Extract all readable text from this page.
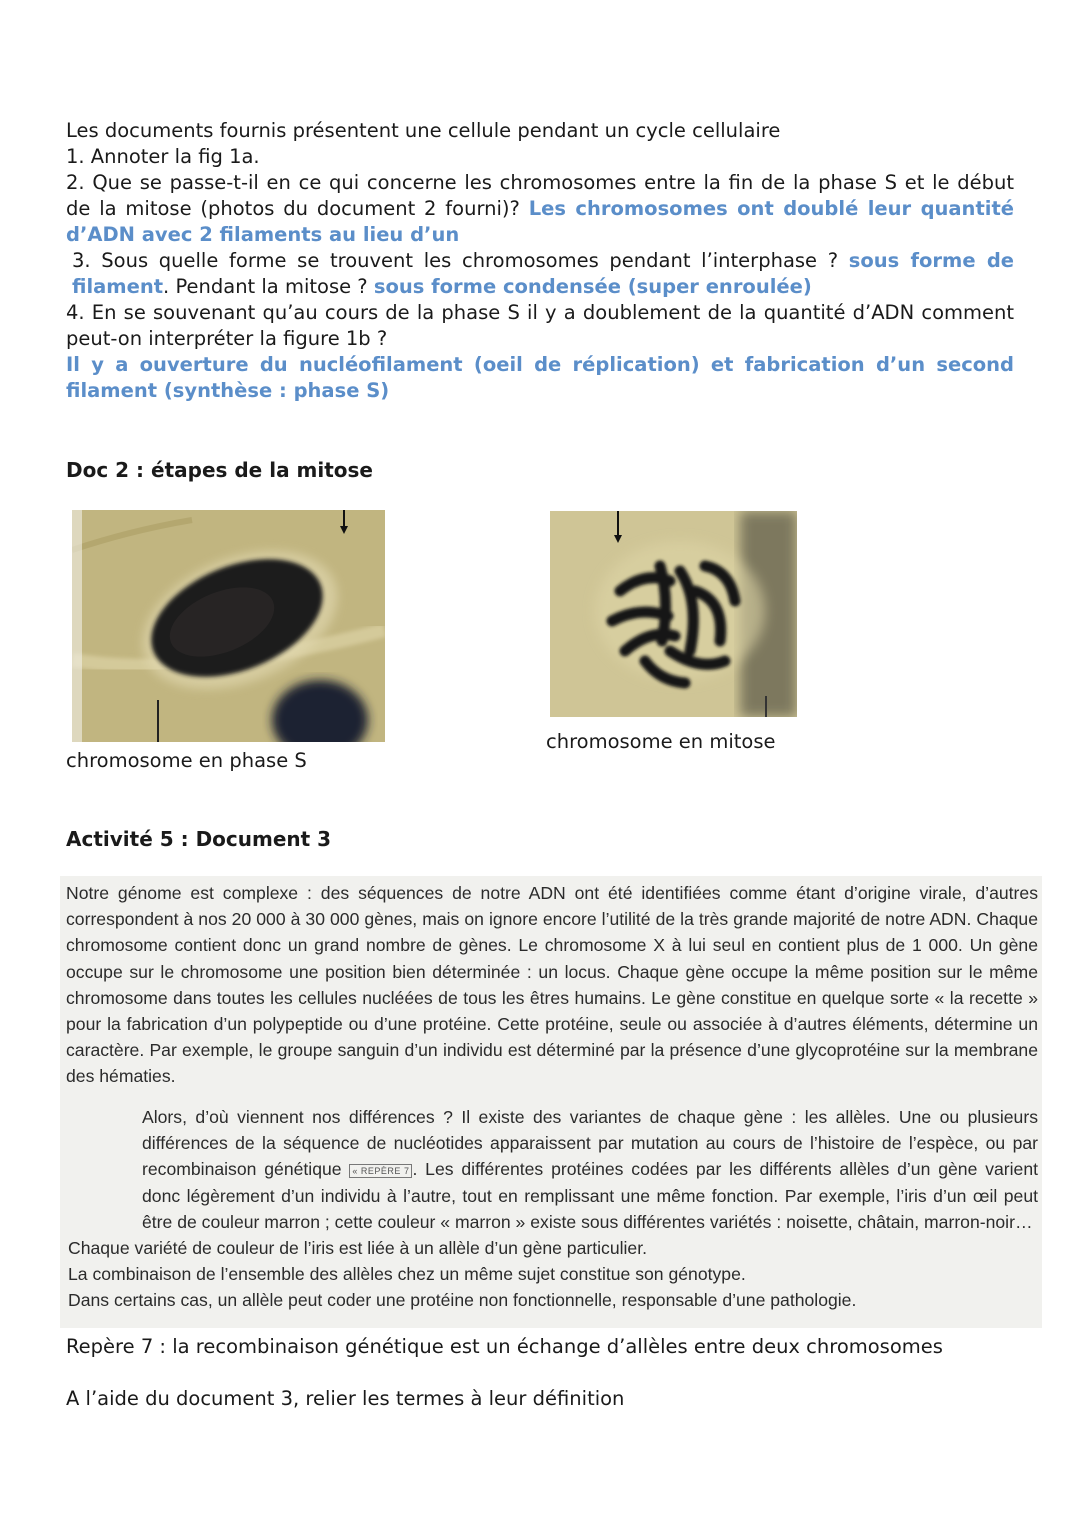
Les documents fournis présentent une cellule pendant un cycle cellulaire
1. Annoter la fig 1a.
2. Que se passe-t-il en ce qui concerne les chromosomes entre la fin de la phase S et le début de la mitose (photos du document 2 fourni)? Les chromosomes ont doublé leur quantité d’ADN avec 2 filaments au lieu d’un
3. Sous quelle forme se trouvent les chromosomes pendant l’interphase ? sous forme de filament. Pendant la mitose ? sous forme condensée (super enroulée)
4. En se souvenant qu’au cours de la phase S il y a doublement de la quantité d’ADN comment peut-on interpréter la figure 1b ?
Il y a ouverture du nucléofilament (oeil de réplication) et fabrication d’un second filament (synthèse : phase S)
Doc 2 : étapes de la mitose
chromosome en phase S
chromosome en mitose
Activité 5 : Document 3
Notre génome est complexe : des séquences de notre ADN ont été identifiées comme étant d’origine virale, d’autres correspondent à nos 20 000 à 30 000 gènes, mais on ignore encore l’utilité de la très grande majorité de notre ADN. Chaque chromosome contient donc un grand nombre de gènes. Le chromosome X à lui seul en contient plus de 1 000. Un gène occupe sur le chromosome une position bien déterminée : un locus. Chaque gène occupe la même position sur le même chromosome dans toutes les cellules nucléées de tous les êtres humains. Le gène constitue en quelque sorte « la recette » pour la fabrication d’un polypeptide ou d’une protéine. Cette protéine, seule ou associée à d’autres éléments, détermine un caractère. Par exemple, le groupe sanguin d’un individu est déterminé par la présence d’une glycoprotéine sur la membrane des hématies.
Alors, d’où viennent nos différences ? Il existe des variantes de chaque gène : les allèles. Une ou plusieurs différences de la séquence de nucléotides apparaissent par mutation au cours de l’histoire de l’espèce, ou par recombinaison génétique « REPÈRE 7 . Les différentes protéines codées par les différents allèles d’un gène varient donc légèrement d’un individu à l’autre, tout en remplissant une même fonction. Par exemple, l’iris d’un œil peut être de couleur marron ; cette couleur « marron » existe sous différentes variétés : noisette, châtain, marron-noir…
Chaque variété de couleur de l’iris est liée à un allèle d’un gène particulier.
La combinaison de l’ensemble des allèles chez un même sujet constitue son génotype.
Dans certains cas, un allèle peut coder une protéine non fonctionnelle, responsable d’une pathologie.
Repère 7 : la recombinaison génétique est un échange d’allèles entre deux chromosomes
A l’aide du document 3, relier les termes à leur définition
